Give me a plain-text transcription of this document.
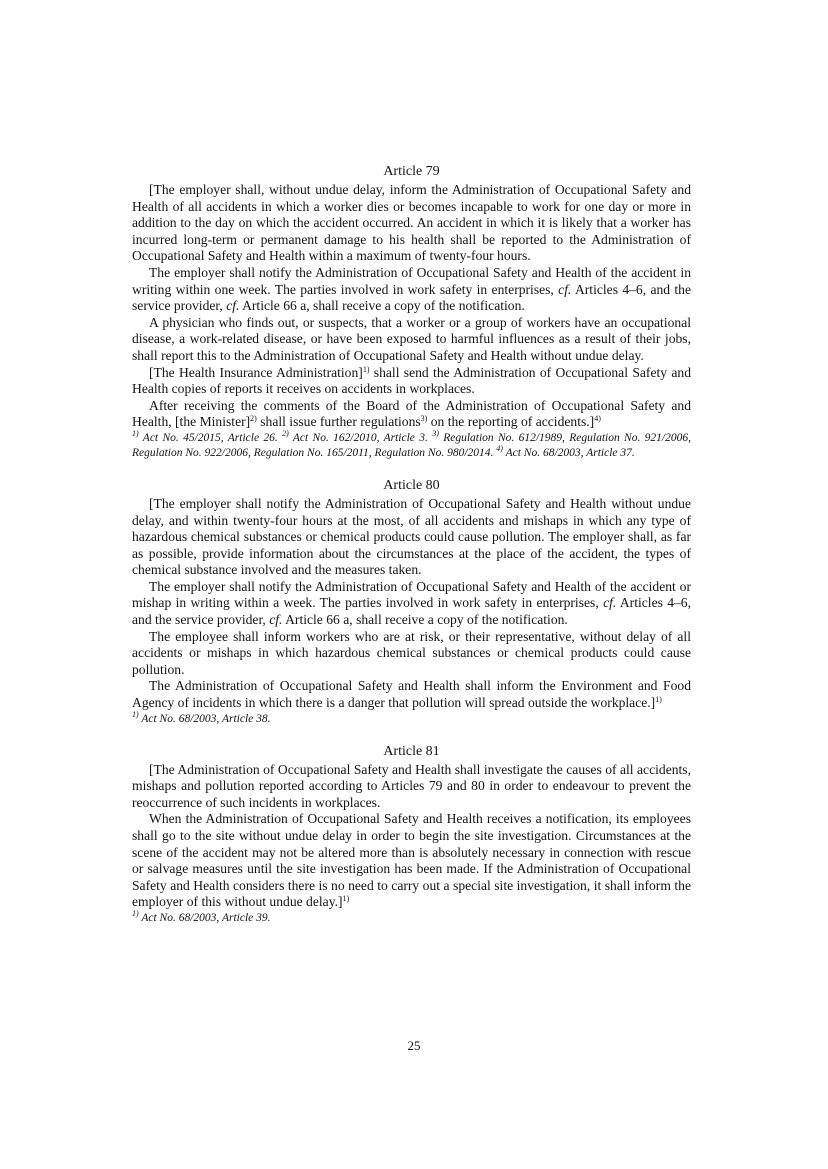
Article 79

[The employer shall, without undue delay, inform the Administration of Occupational Safety and Health of all accidents in which a worker dies or becomes incapable to work for one day or more in addition to the day on which the accident occurred. An accident in which it is likely that a worker has incurred long-term or permanent damage to his health shall be reported to the Administration of Occupational Safety and Health within a maximum of twenty-four hours.

The employer shall notify the Administration of Occupational Safety and Health of the accident in writing within one week. The parties involved in work safety in enterprises, cf. Articles 4–6, and the service provider, cf. Article 66 a, shall receive a copy of the notification.

A physician who finds out, or suspects, that a worker or a group of workers have an occupational disease, a work-related disease, or have been exposed to harmful influences as a result of their jobs, shall report this to the Administration of Occupational Safety and Health without undue delay.

[The Health Insurance Administration]$^{1)}$ shall send the Administration of Occupational Safety and Health copies of reports it receives on accidents in workplaces.

After receiving the comments of the Board of the Administration of Occupational Safety and Health, [the Minister]$^{2)}$ shall issue further regulations$^{3)}$ on the reporting of accidents.]$^{4)}$

$^{1)}$ Act No. 45/2015, Article 26. $^{2)}$ Act No. 162/2010, Article 3. $^{3)}$ Regulation No. 612/1989, Regulation No. 921/2006, Regulation No. 922/2006, Regulation No. 165/2011, Regulation No. 980/2014. $^{4)}$ Act No. 68/2003, Article 37.

Article 80

[The employer shall notify the Administration of Occupational Safety and Health without undue delay, and within twenty-four hours at the most, of all accidents and mishaps in which any type of hazardous chemical substances or chemical products could cause pollution. The employer shall, as far as possible, provide information about the circumstances at the place of the accident, the types of chemical substance involved and the measures taken.

The employer shall notify the Administration of Occupational Safety and Health of the accident or mishap in writing within a week. The parties involved in work safety in enterprises, cf. Articles 4–6, and the service provider, cf. Article 66 a, shall receive a copy of the notification.

The employee shall inform workers who are at risk, or their representative, without delay of all accidents or mishaps in which hazardous chemical substances or chemical products could cause pollution.

The Administration of Occupational Safety and Health shall inform the Environment and Food Agency of incidents in which there is a danger that pollution will spread outside the workplace.]$^{1)}$

$^{1)}$ Act No. 68/2003, Article 38.

Article 81

[The Administration of Occupational Safety and Health shall investigate the causes of all accidents, mishaps and pollution reported according to Articles 79 and 80 in order to endeavour to prevent the reoccurrence of such incidents in workplaces.

When the Administration of Occupational Safety and Health receives a notification, its employees shall go to the site without undue delay in order to begin the site investigation. Circumstances at the scene of the accident may not be altered more than is absolutely necessary in connection with rescue or salvage measures until the site investigation has been made. If the Administration of Occupational Safety and Health considers there is no need to carry out a special site investigation, it shall inform the employer of this without undue delay.]$^{1)}$

$^{1)}$ Act No. 68/2003, Article 39.

25
